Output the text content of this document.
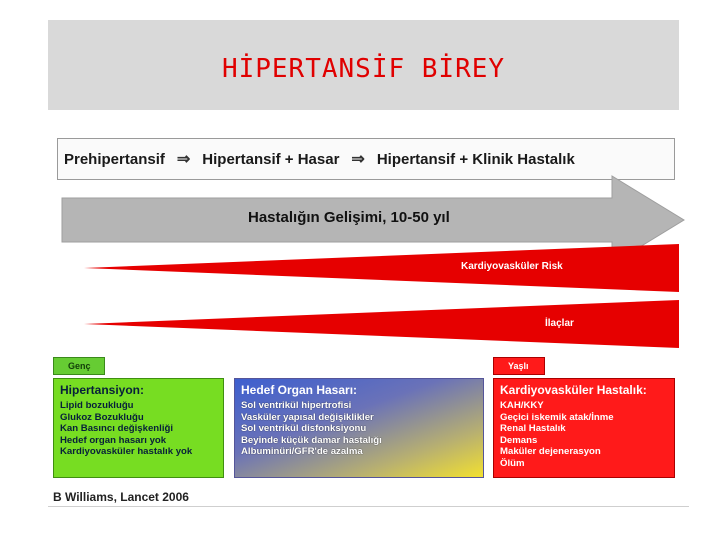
HİPERTANSİF BİREY
Prehipertansif ⇒ Hipertansif + Hasar ⇒ Hipertansif + Klinik Hastalık
Hastalığın Gelişimi, 10-50 yıl
Kardiyovasküler Risk
İlaçlar
Genç	Yaşlı
Hipertansiyon:
Lipid bozukluğu
Glukoz Bozukluğu
Kan Basıncı değişkenliği
Hedef organ hasarı yok
Kardiyovasküler hastalık yok
Hedef Organ Hasarı:
Sol ventrikül hipertrofisi
Vasküler yapısal değişiklikler
Sol ventrikül disfonksiyonu
Beyinde küçük damar hastalığı
Albuminüri/GFR'de azalma
Kardiyovasküler Hastalık:
KAH/KKY
Geçici iskemik atak/İnme
Renal Hastalık
Demans
Maküler dejenerasyon
Ölüm
B Williams, Lancet 2006
